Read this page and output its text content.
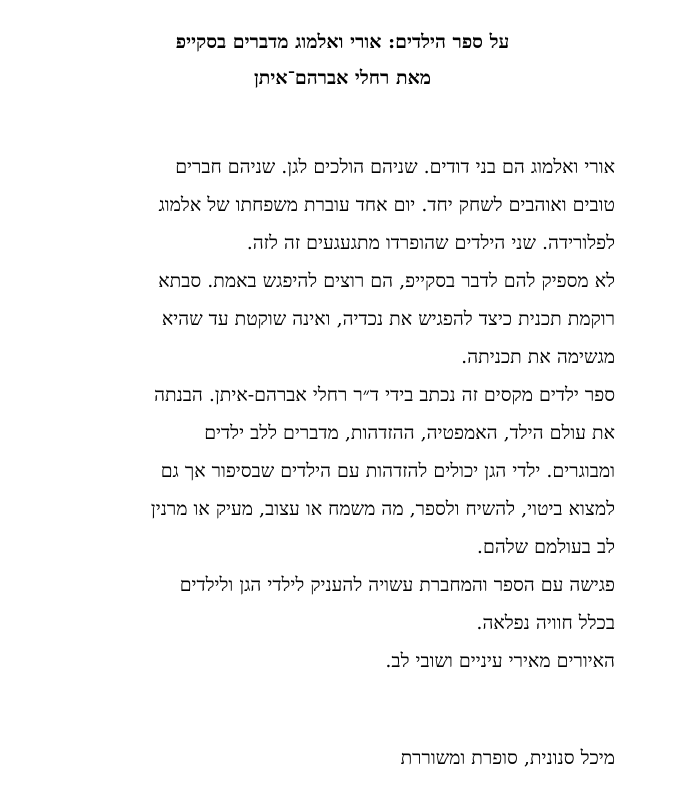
על ספר הילדים: אורי ואלמוג מדברים בסקייפ
מאת רחלי אברהם־איתן
אורי ואלמוג הם בני דודים. שניהם הולכים לגן. שניהם חברים
טובים ואוהבים לשחק יחד. יום אחד עוברת משפחתו של אלמוג
לפלורידה. שני הילדים שהופרדו מתגעגעים זה לזה.
לא מספיק להם לדבר בסקייפ, הם רוצים להיפגש באמת. סבתא
רוקמת תכנית כיצד להפגיש את נכדיה, ואינה שוקטת עד שהיא
מגשימה את תכניתה.
ספר ילדים מקסים זה נכתב בידי ד״ר רחלי אברהם-איתן. הבנתה
את עולם הילד, האמפטיה, ההזדהות, מדברים ללב ילדים
ומבוגרים. ילדי הגן יכולים להזדהות עם הילדים שבסיפור אך גם
למצוא ביטוי, להשיח ולספר, מה משמח או עצוב, מעיק או מרנין
לב בעולמם שלהם.
פגישה עם הספר והמחברת עשויה להעניק לילדי הגן ולילדים
בכלל חוויה נפלאה.
האיורים מאירי עיניים ושובי לב.
מיכל סנונית, סופרת ומשוררת
